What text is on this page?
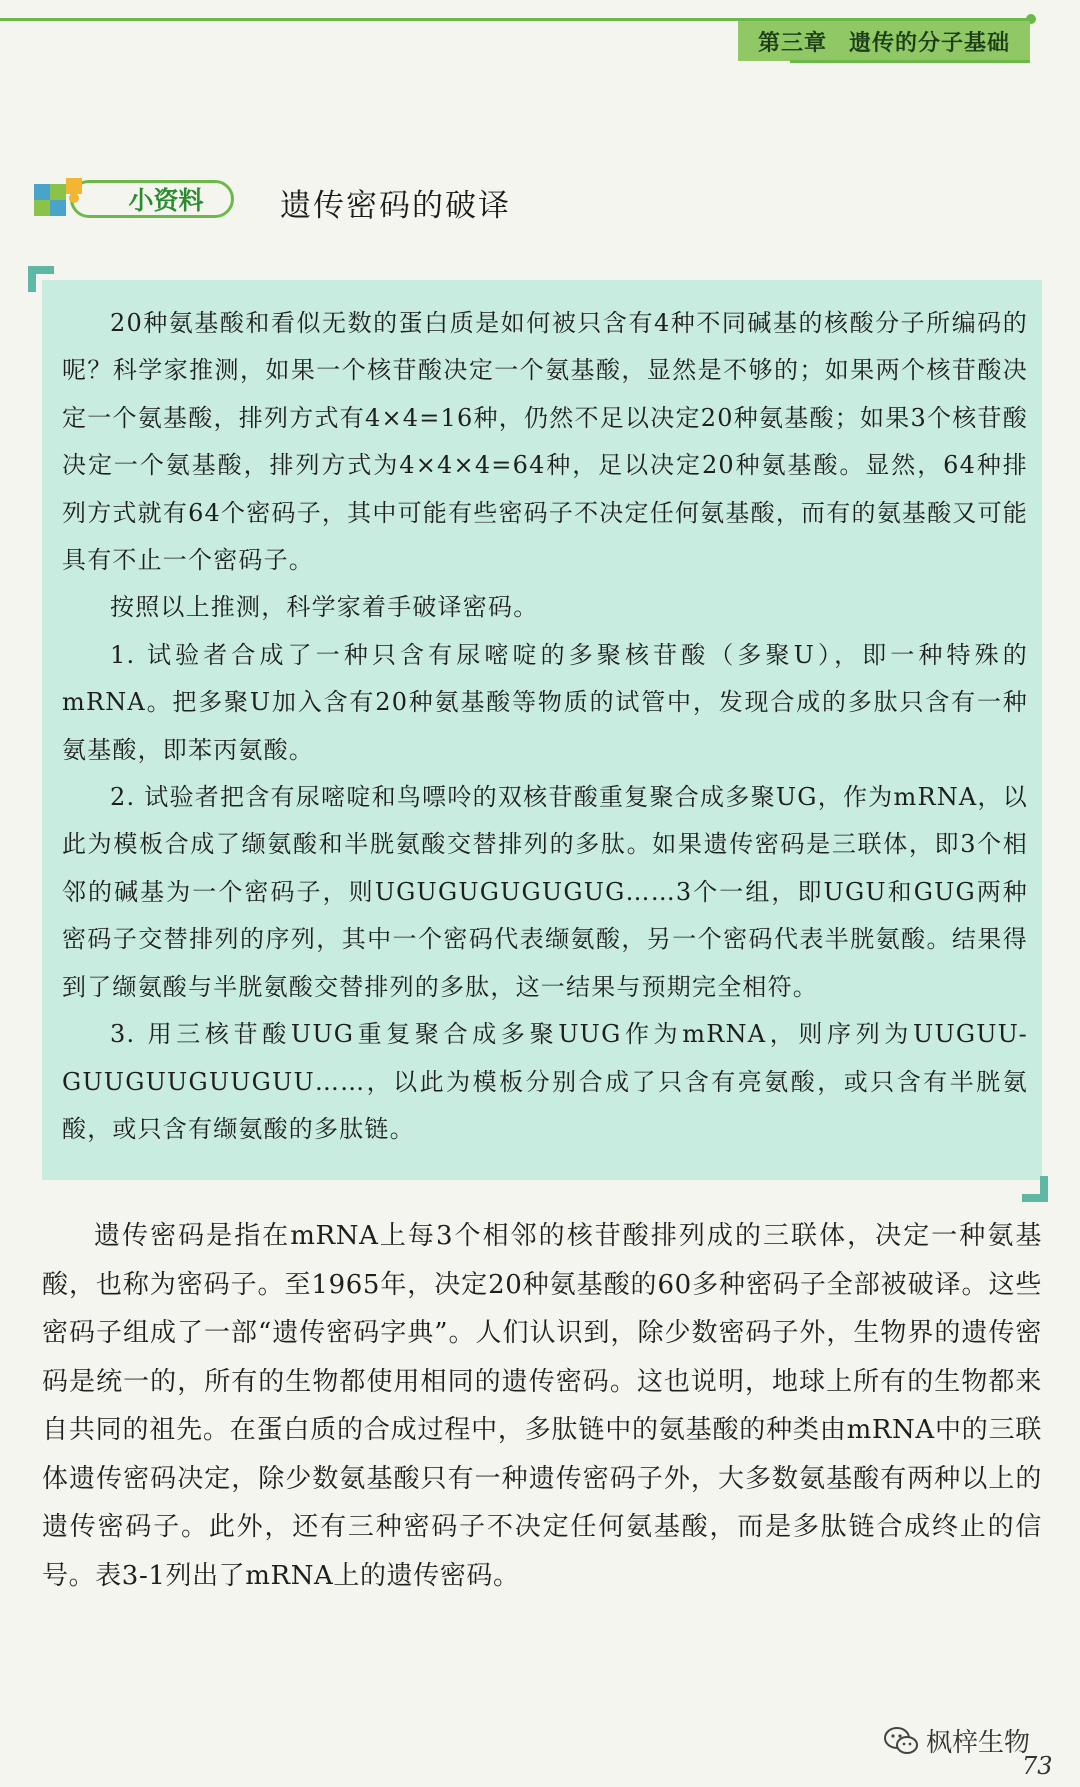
第三章 遗传的分子基础
小资料 遗传密码的破译

20种氨基酸和看似无数的蛋白质是如何被只含有4种不同碱基的核酸分子所编码的呢？科学家推测，如果一个核苷酸决定一个氨基酸，显然是不够的；如果两个核苷酸决定一个氨基酸，排列方式有4×4=16种，仍然不足以决定20种氨基酸；如果3个核苷酸决定一个氨基酸，排列方式为4×4×4=64种，足以决定20种氨基酸。显然，64种排列方式就有64个密码子，其中可能有些密码子不决定任何氨基酸，而有的氨基酸又可能具有不止一个密码子。

按照以上推测，科学家着手破译密码。

1. 试验者合成了一种只含有尿嘧啶的多聚核苷酸（多聚U），即一种特殊的mRNA。把多聚U加入含有20种氨基酸等物质的试管中，发现合成的多肽只含有一种氨基酸，即苯丙氨酸。

2. 试验者把含有尿嘧啶和鸟嘌呤的双核苷酸重复聚合成多聚UG，作为mRNA，以此为模板合成了缬氨酸和半胱氨酸交替排列的多肽。如果遗传密码是三联体，即3个相邻的碱基为一个密码子，则UGUGUGUGUGUG……3个一组，即UGU和GUG两种密码子交替排列的序列，其中一个密码代表缬氨酸，另一个密码代表半胱氨酸。结果得到了缬氨酸与半胱氨酸交替排列的多肽，这一结果与预期完全相符。

3. 用三核苷酸UUG重复聚合成多聚UUG作为mRNA，则序列为UUGUU-GUUGUUGUUGUU……，以此为模板分别合成了只含有亮氨酸，或只含有半胱氨酸，或只含有缬氨酸的多肽链。

遗传密码是指在mRNA上每3个相邻的核苷酸排列成的三联体，决定一种氨基酸，也称为密码子。至1965年，决定20种氨基酸的60多种密码子全部被破译。这些密码子组成了一部“遗传密码字典”。人们认识到，除少数密码子外，生物界的遗传密码是统一的，所有的生物都使用相同的遗传密码。这也说明，地球上所有的生物都来自共同的祖先。在蛋白质的合成过程中，多肽链中的氨基酸的种类由mRNA中的三联体遗传密码决定，除少数氨基酸只有一种遗传密码子外，大多数氨基酸有两种以上的遗传密码子。此外，还有三种密码子不决定任何氨基酸，而是多肽链合成终止的信号。表3-1列出了mRNA上的遗传密码。

枫梓生物
73
